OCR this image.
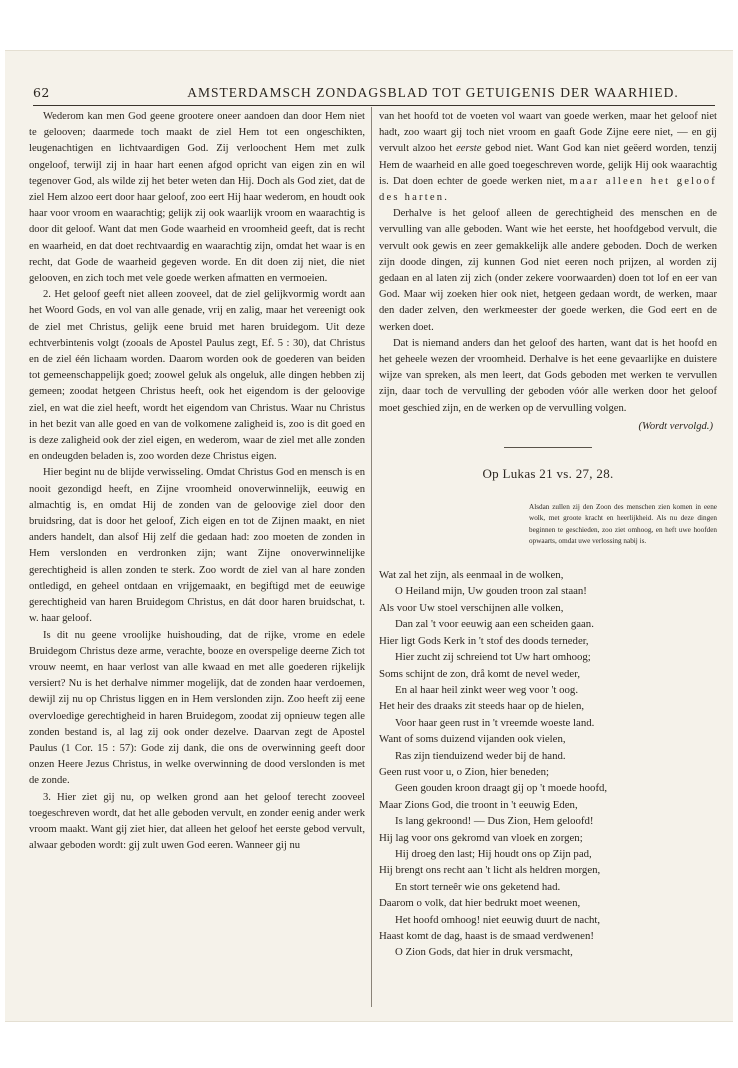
62	AMSTERDAMSCH ZONDAGSBLAD TOT GETUIGENIS DER WAARHIED.

Wederom kan men God geene grootere oneer aandoen dan door Hem niet te gelooven; daarmede toch maakt de ziel Hem tot een ongeschikten, leugenachtigen en lichtvaardigen God. Zij verloochent Hem met zulk ongeloof, terwijl zij in haar hart eenen afgod opricht van eigen zin en wil tegenover God, als wilde zij het beter weten dan Hij. Doch als God ziet, dat de ziel Hem alzoo eert door haar geloof, zoo eert Hij haar wederom, en houdt ook haar voor vroom en waarachtig; gelijk zij ook waarlijk vroom en waarachtig is door dit geloof. Want dat men Gode waarheid en vroomheid geeft, dat is recht en waarheid, en dat doet rechtvaardig en waarachtig zijn, omdat het waar is en recht, dat Gode de waarheid gegeven worde. En dit doen zij niet, die niet gelooven, en zich toch met vele goede werken afmatten en vermoeien.

2. Het geloof geeft niet alleen zooveel, dat de ziel gelijkvormig wordt aan het Woord Gods, en vol van alle genade, vrij en zalig, maar het vereenigt ook de ziel met Christus, gelijk eene bruid met haren bruidegom. Uit deze echtverbintenis volgt (zooals de Apostel Paulus zegt, Ef. 5 : 30), dat Christus en de ziel één lichaam worden. Daarom worden ook de goederen van beiden tot gemeenschappelijk goed; zoowel geluk als ongeluk, alle dingen hebben zij gemeen; zoodat hetgeen Christus heeft, ook het eigendom is der geloovige ziel, en wat die ziel heeft, wordt het eigendom van Christus. Waar nu Christus in het bezit van alle goed en van de volkomene zaligheid is, zoo is dit goed en is deze zaligheid ook der ziel eigen, en wederom, waar de ziel met alle zonden en ondeugden beladen is, zoo worden deze Christus eigen.

Hier begint nu de blijde verwisseling. Omdat Christus God en mensch is en nooit gezondigd heeft, en Zijne vroomheid onoverwinnelijk, eeuwig en almachtig is, en omdat Hij de zonden van de geloovige ziel door den bruidsring, dat is door het geloof, Zich eigen en tot de Zijnen maakt, en niet anders handelt, dan alsof Hij zelf die gedaan had: zoo moeten de zonden in Hem verslonden en verdronken zijn; want Zijne onoverwinnelijke gerechtigheid is allen zonden te sterk. Zoo wordt de ziel van al hare zonden ontledigd, en geheel ontdaan en vrijgemaakt, en begiftigd met de eeuwige gerechtigheid van haren Bruidegom Christus, en dát door haren bruidschat, t. w. haar geloof.

Is dit nu geene vroolijke huishouding, dat de rijke, vrome en edele Bruidegom Christus deze arme, verachte, booze en overspelige deerne Zich tot vrouw neemt, en haar verlost van alle kwaad en met alle goederen rijkelijk versiert? Nu is het derhalve nimmer mogelijk, dat de zonden haar verdoemen, dewijl zij nu op Christus liggen en in Hem verslonden zijn. Zoo heeft zij eene overvloedige gerechtigheid in haren Bruidegom, zoodat zij opnieuw tegen alle zonden bestand is, al lag zij ook onder dezelve. Daarvan zegt de Apostel Paulus (1 Cor. 15 : 57): Gode zij dank, die ons de overwinning geeft door onzen Heere Jezus Christus, in welke overwinning de dood verslonden is met de zonde.

3. Hier ziet gij nu, op welken grond aan het geloof terecht zooveel toegeschreven wordt, dat het alle geboden vervult, en zonder eenig ander werk vroom maakt. Want gij ziet hier, dat alleen het geloof het eerste gebod vervult, alwaar geboden wordt: gij zult uwen God eeren. Wanneer gij nu

van het hoofd tot de voeten vol waart van goede werken, maar het geloof niet hadt, zoo waart gij toch niet vroom en gaaft Gode Zijne eere niet, — en gij vervult alzoo het eerste gebod niet. Want God kan niet geëerd worden, tenzij Hem de waarheid en alle goed toegeschreven worde, gelijk Hij ook waarachtig is. Dat doen echter de goede werken niet, maar alleen het geloof des harten.

Derhalve is het geloof alleen de gerechtigheid des menschen en de vervulling van alle geboden. Want wie het eerste, het hoofdgebod vervult, die vervult ook gewis en zeer gemakkelijk alle andere geboden. Doch de werken zijn doode dingen, zij kunnen God niet eeren noch prijzen, al worden zij gedaan en al laten zij zich (onder zekere voorwaarden) doen tot lof en eer van God. Maar wij zoeken hier ook niet, hetgeen gedaan wordt, de werken, maar den dader zelven, den werkmeester der goede werken, die God eert en de werken doet.

Dat is niemand anders dan het geloof des harten, want dat is het hoofd en het geheele wezen der vroomheid. Derhalve is het eene gevaarlijke en duistere wijze van spreken, als men leert, dat Gods geboden met werken te vervullen zijn, daar toch de vervulling der geboden vóór alle werken door het geloof moet geschied zijn, en de werken op de vervulling volgen.

(Wordt vervolgd.)

Op Lukas 21 vs. 27, 28.
Alsdan zullen zij den Zoon des menschen zien komen in eene wolk, met groote kracht en heerlijkheid. Als nu deze dingen beginnen te geschieden, zoo ziet omhoog, en heft uwe hoofden opwaarts, omdat uwe verlossing nabij is.

Wat zal het zijn, als eenmaal in de wolken,

O Heiland mijn, Uw gouden troon zal staan!

Als voor Uw stoel verschijnen alle volken,

Dan zal 't voor eeuwig aan een scheiden gaan.

Hier ligt Gods Kerk in 't stof des doods terneder,

Hier zucht zij schreiend tot Uw hart omhoog;

Soms schijnt de zon, drå komt de nevel weder,

En al haar heil zinkt weer weg voor 't oog.

Het heir des draaks zit steeds haar op de hielen,

Voor haar geen rust in 't vreemde woeste land.

Want of soms duizend vijanden ook vielen,

Ras zijn tienduizend weder bij de hand.

Geen rust voor u, o Zion, hier beneden;

Geen gouden kroon draagt gij op 't moede hoofd,

Maar Zions God, die troont in 't eeuwig Eden,

Is lang gekroond! — Dus Zion, Hem geloofd!

Hij lag voor ons gekromd van vloek en zorgen;

Hij droeg den last; Hij houdt ons op Zijn pad,

Hij brengt ons recht aan 't licht als heldren morgen,

En stort terneêr wie ons geketend had.

Daarom o volk, dat hier bedrukt moet weenen,

Het hoofd omhoog! niet eeuwig duurt de nacht,

Haast komt de dag, haast is de smaad verdwenen!

O Zion Gods, dat hier in druk versmacht,
